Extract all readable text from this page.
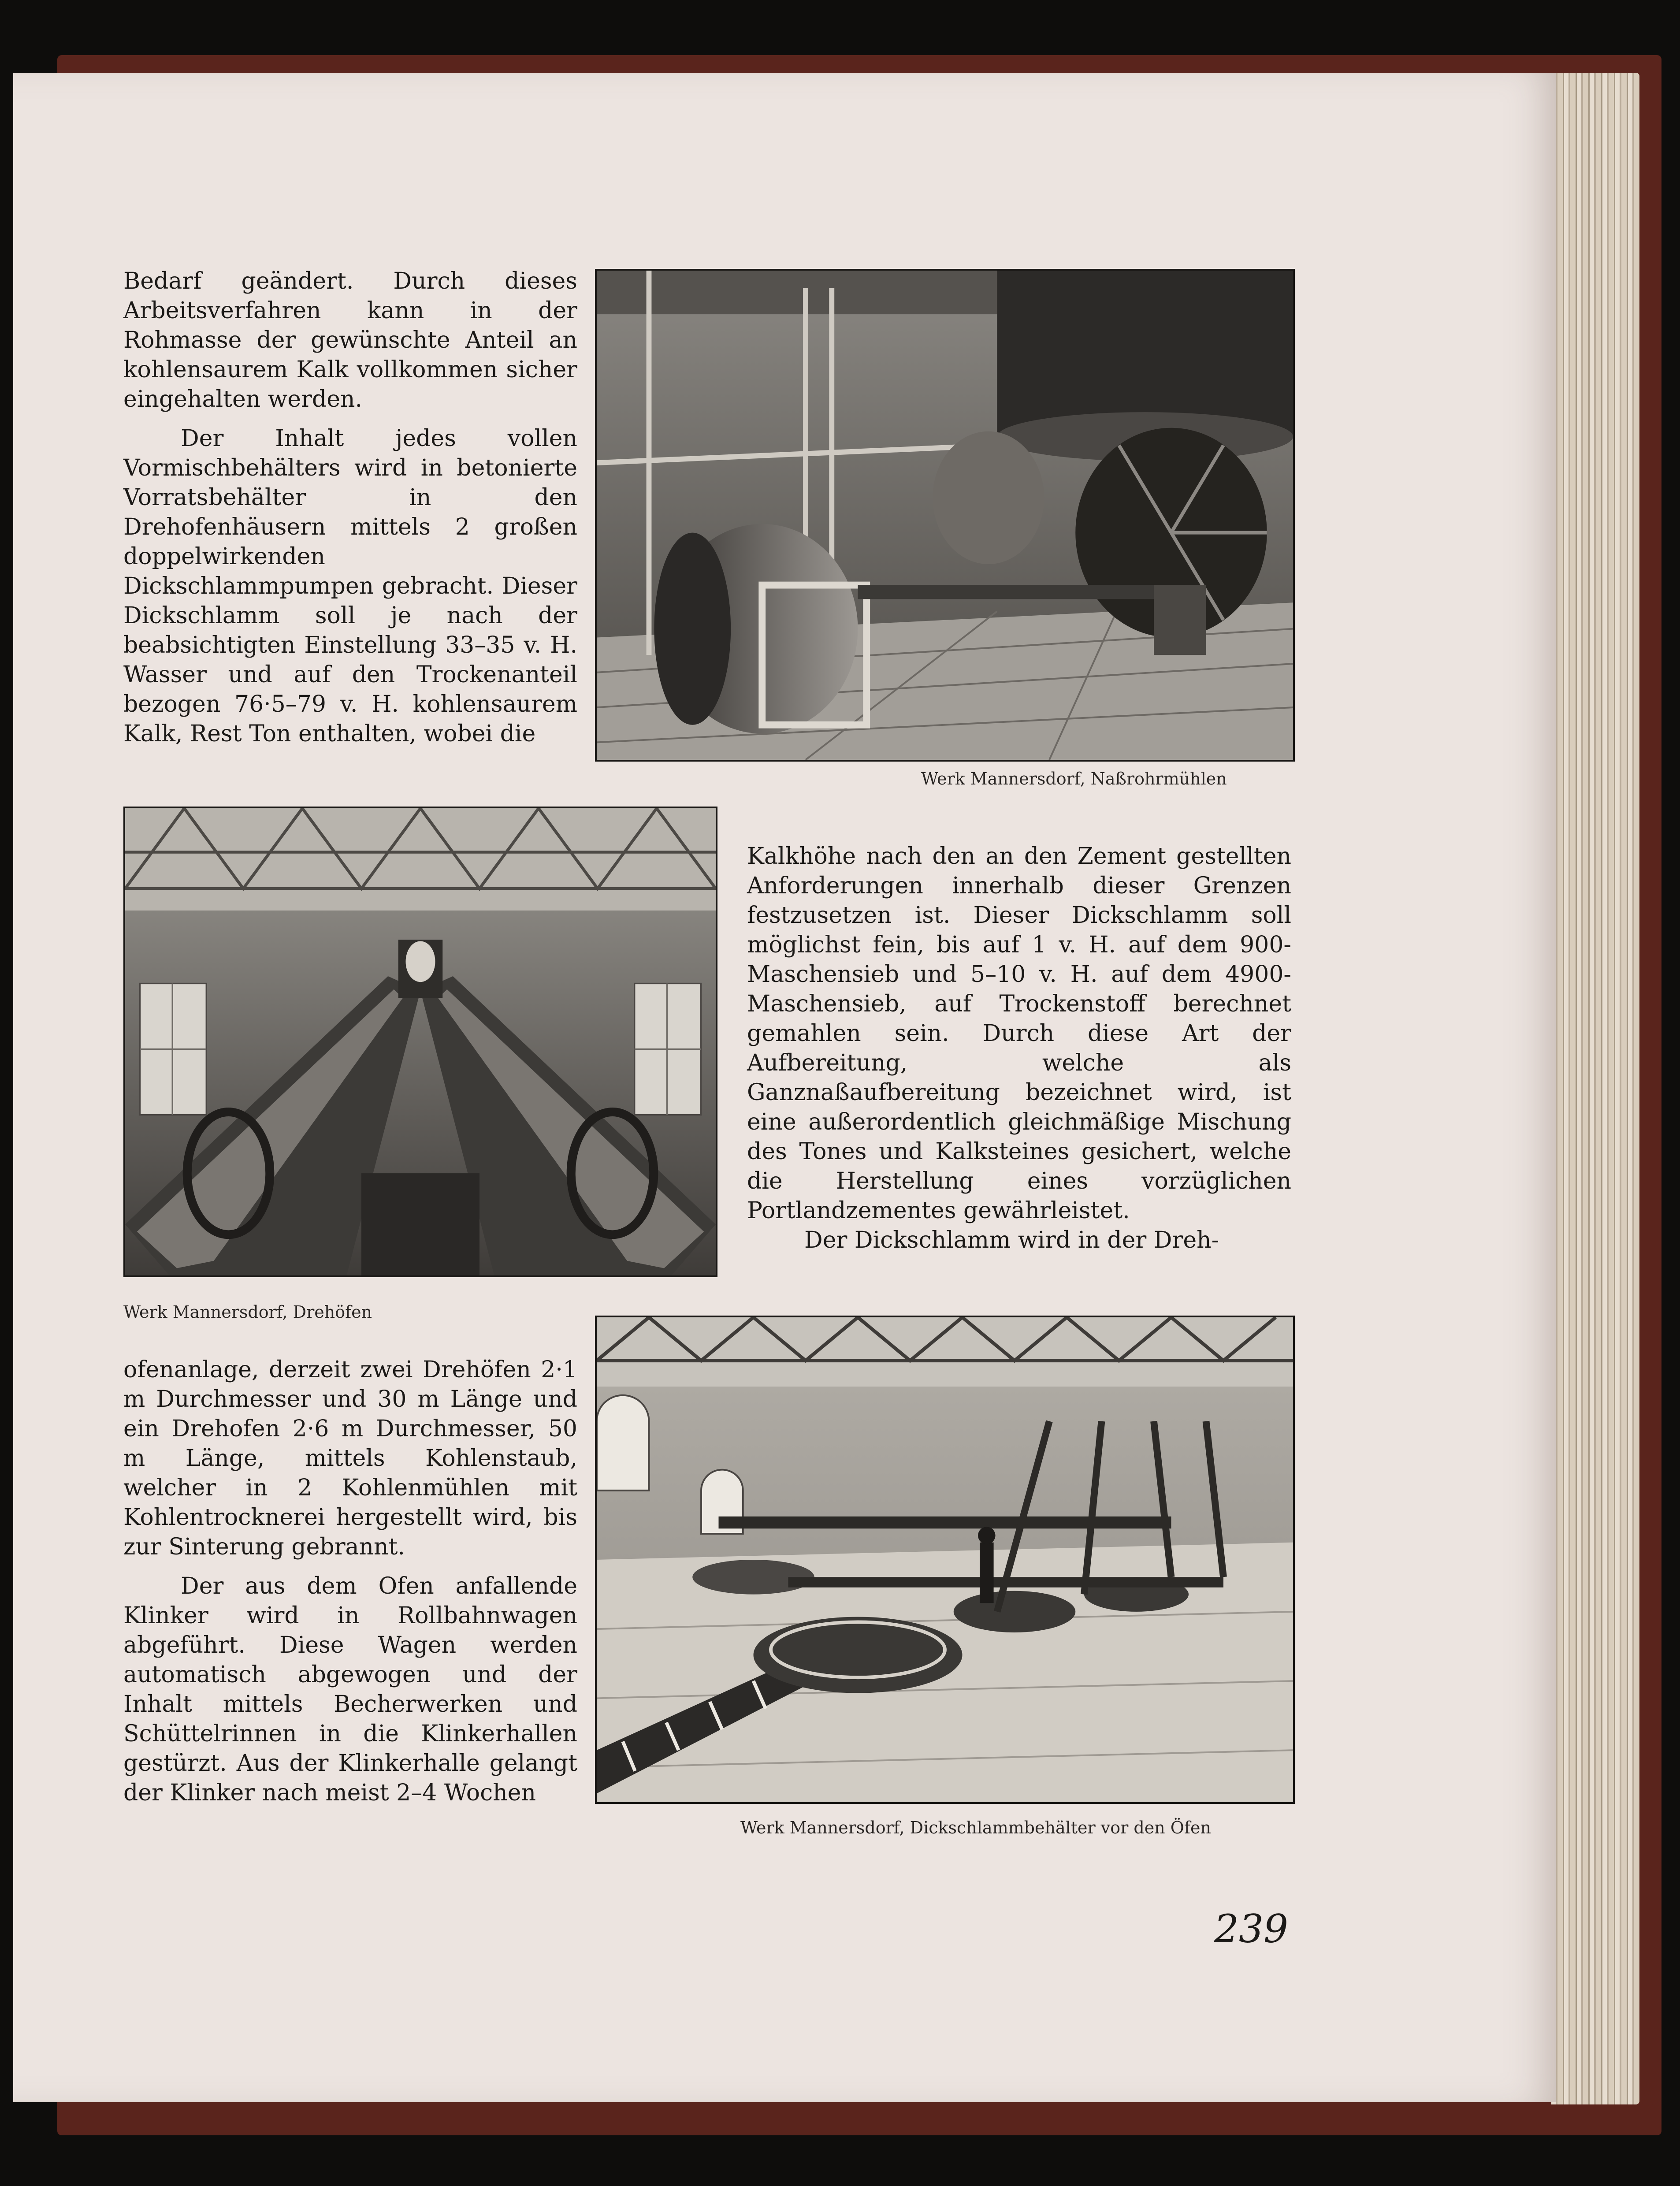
Bedarf geändert. Durch dieses Arbeitsverfahren kann in der Rohmasse der gewünschte Anteil an kohlensaurem Kalk vollkommen sicher eingehalten werden.

Der Inhalt jedes vollen Vormischbehälters wird in betonierte Vorratsbehälter in den Drehofenhäusern mittels 2 großen doppelwirkenden Dickschlammpumpen gebracht. Dieser Dickschlamm soll je nach der beabsichtigten Einstellung 33–35 v. H. Wasser und auf den Trockenanteil bezogen 76·5–79 v. H. kohlensaurem Kalk, Rest Ton enthalten, wobei die

Werk Mannersdorf, Naßrohrmühlen
Werk Mannersdorf, Drehöfen

Kalkhöhe nach den an den Zement gestellten Anforderungen innerhalb dieser Grenzen festzusetzen ist. Dieser Dickschlamm soll möglichst fein, bis auf 1 v. H. auf dem 900-Maschensieb und 5–10 v. H. auf dem 4900-Maschensieb, auf Trockenstoff berechnet gemahlen sein. Durch diese Art der Aufbereitung, welche als Ganznaßaufbereitung bezeichnet wird, ist eine außerordentlich gleichmäßige Mischung des Tones und Kalksteines gesichert, welche die Herstellung eines vorzüglichen Portlandzementes gewährleistet.

Der Dickschlamm wird in der Dreh-

ofenanlage, derzeit zwei Drehöfen 2·1 m Durchmesser und 30 m Länge und ein Drehofen 2·6 m Durchmesser, 50 m Länge, mittels Kohlenstaub, welcher in 2 Kohlenmühlen mit Kohlentrocknerei hergestellt wird, bis zur Sinterung gebrannt.

Der aus dem Ofen anfallende Klinker wird in Rollbahnwagen abgeführt. Diese Wagen werden automatisch abgewogen und der Inhalt mittels Becherwerken und Schüttelrinnen in die Klinkerhallen gestürzt. Aus der Klinkerhalle gelangt der Klinker nach meist 2–4 Wochen

Werk Mannersdorf, Dickschlammbehälter vor den Öfen
239
